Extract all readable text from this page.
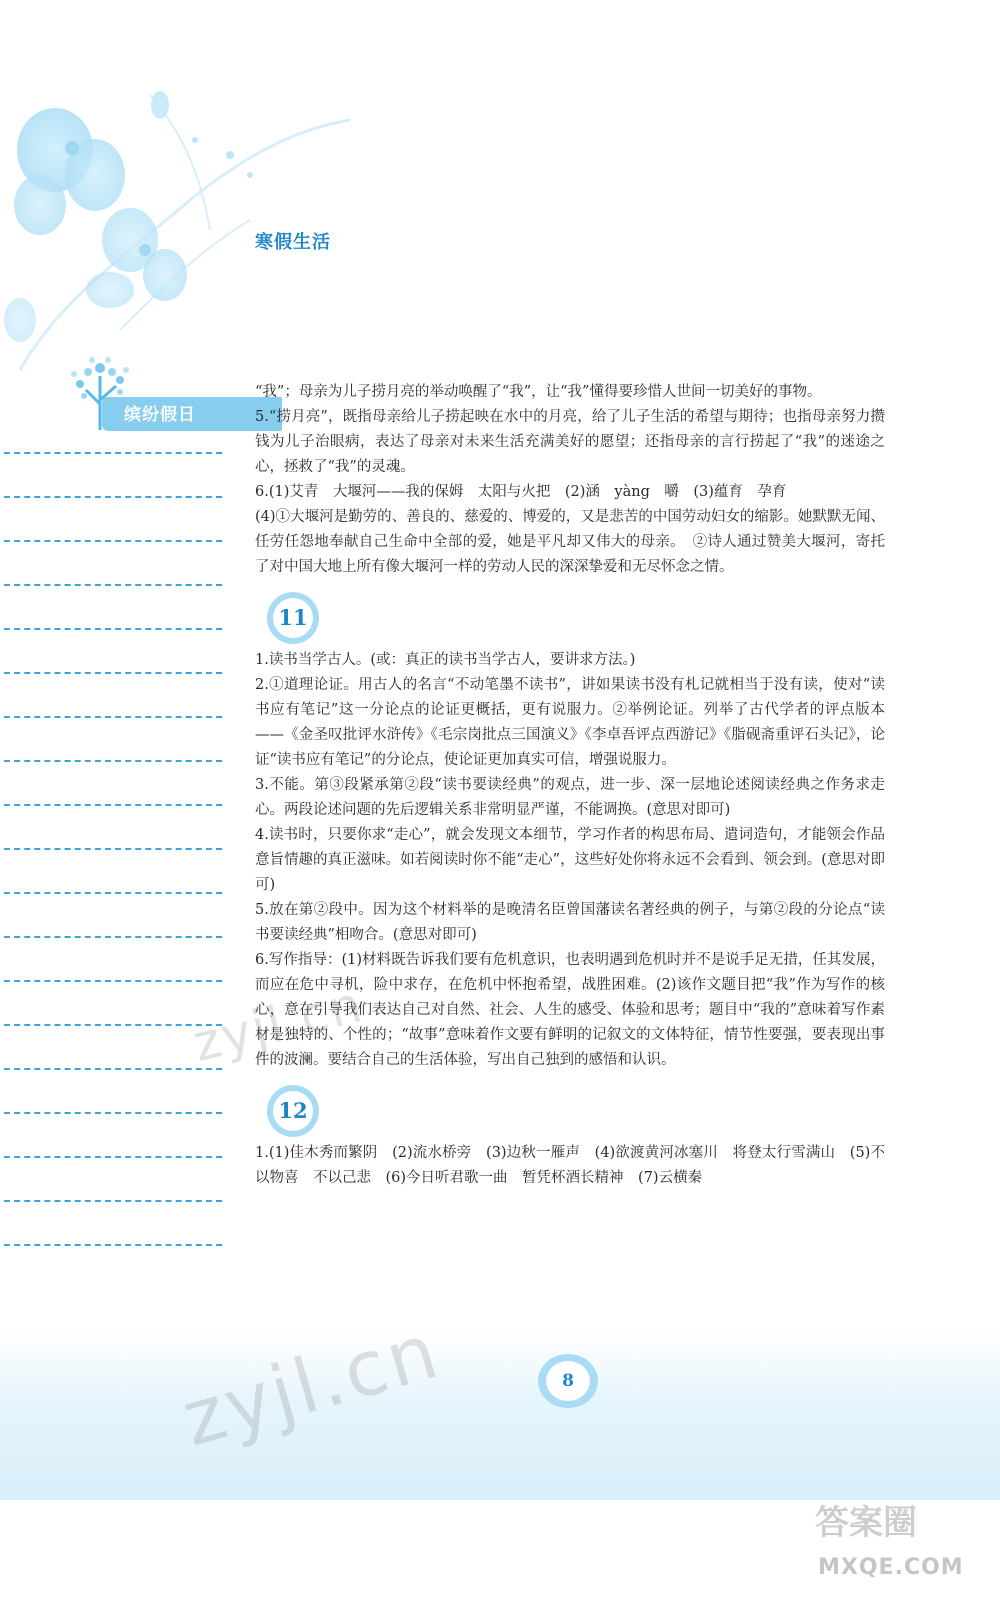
寒假生活
缤纷假日

“我”；母亲为儿子捞月亮的举动唤醒了“我”，让“我”懂得要珍惜人世间一切美好的事物。

5.“捞月亮”，既指母亲给儿子捞起映在水中的月亮，给了儿子生活的希望与期待；也指母亲努力攒钱为儿子治眼病，表达了母亲对未来生活充满美好的愿望；还指母亲的言行捞起了“我”的迷途之心，拯救了“我”的灵魂。

6.(1)艾青　大堰河——我的保姆　太阳与火把　(2)涵　yàng　嚼　(3)蕴育　孕育

(4)①大堰河是勤劳的、善良的、慈爱的、博爱的，又是悲苦的中国劳动妇女的缩影。她默默无闻、任劳任怨地奉献自己生命中全部的爱，她是平凡却又伟大的母亲。　②诗人通过赞美大堰河，寄托了对中国大地上所有像大堰河一样的劳动人民的深深挚爱和无尽怀念之情。

11

1.读书当学古人。(或：真正的读书当学古人，要讲求方法。)

2.①道理论证。用古人的名言“不动笔墨不读书”，讲如果读书没有札记就相当于没有读，使对“读书应有笔记”这一分论点的论证更概括，更有说服力。②举例论证。列举了古代学者的评点版本——《金圣叹批评水浒传》《毛宗岗批点三国演义》《李卓吾评点西游记》《脂砚斋重评石头记》，论证“读书应有笔记”的分论点，使论证更加真实可信，增强说服力。

3.不能。第③段紧承第②段“读书要读经典”的观点，进一步、深一层地论述阅读经典之作务求走心。两段论述问题的先后逻辑关系非常明显严谨，不能调换。(意思对即可)

4.读书时，只要你求“走心”，就会发现文本细节，学习作者的构思布局、遣词造句，才能领会作品意旨情趣的真正滋味。如若阅读时你不能“走心”，这些好处你将永远不会看到、领会到。(意思对即可)

5.放在第②段中。因为这个材料举的是晚清名臣曾国藩读名著经典的例子，与第②段的分论点“读书要读经典”相吻合。(意思对即可)

6.写作指导：(1)材料既告诉我们要有危机意识，也表明遇到危机时并不是说手足无措，任其发展，而应在危中寻机，险中求存，在危机中怀抱希望，战胜困难。(2)该作文题目把“我”作为写作的核心，意在引导我们表达自己对自然、社会、人生的感受、体验和思考；题目中“我的”意味着写作素材是独特的、个性的；“故事”意味着作文要有鲜明的记叙文的文体特征，情节性要强，要表现出事件的波澜。要结合自己的生活体验，写出自己独到的感悟和认识。

12

1.(1)佳木秀而繁阴　(2)流水桥旁　(3)边秋一雁声　(4)欲渡黄河冰塞川　将登太行雪满山　(5)不以物喜　不以己悲　(6)今日听君歌一曲　暂凭杯酒长精神　(7)云横秦

8
zyjl.cn
zyjl.cn
答案圈
MXQE.COM
